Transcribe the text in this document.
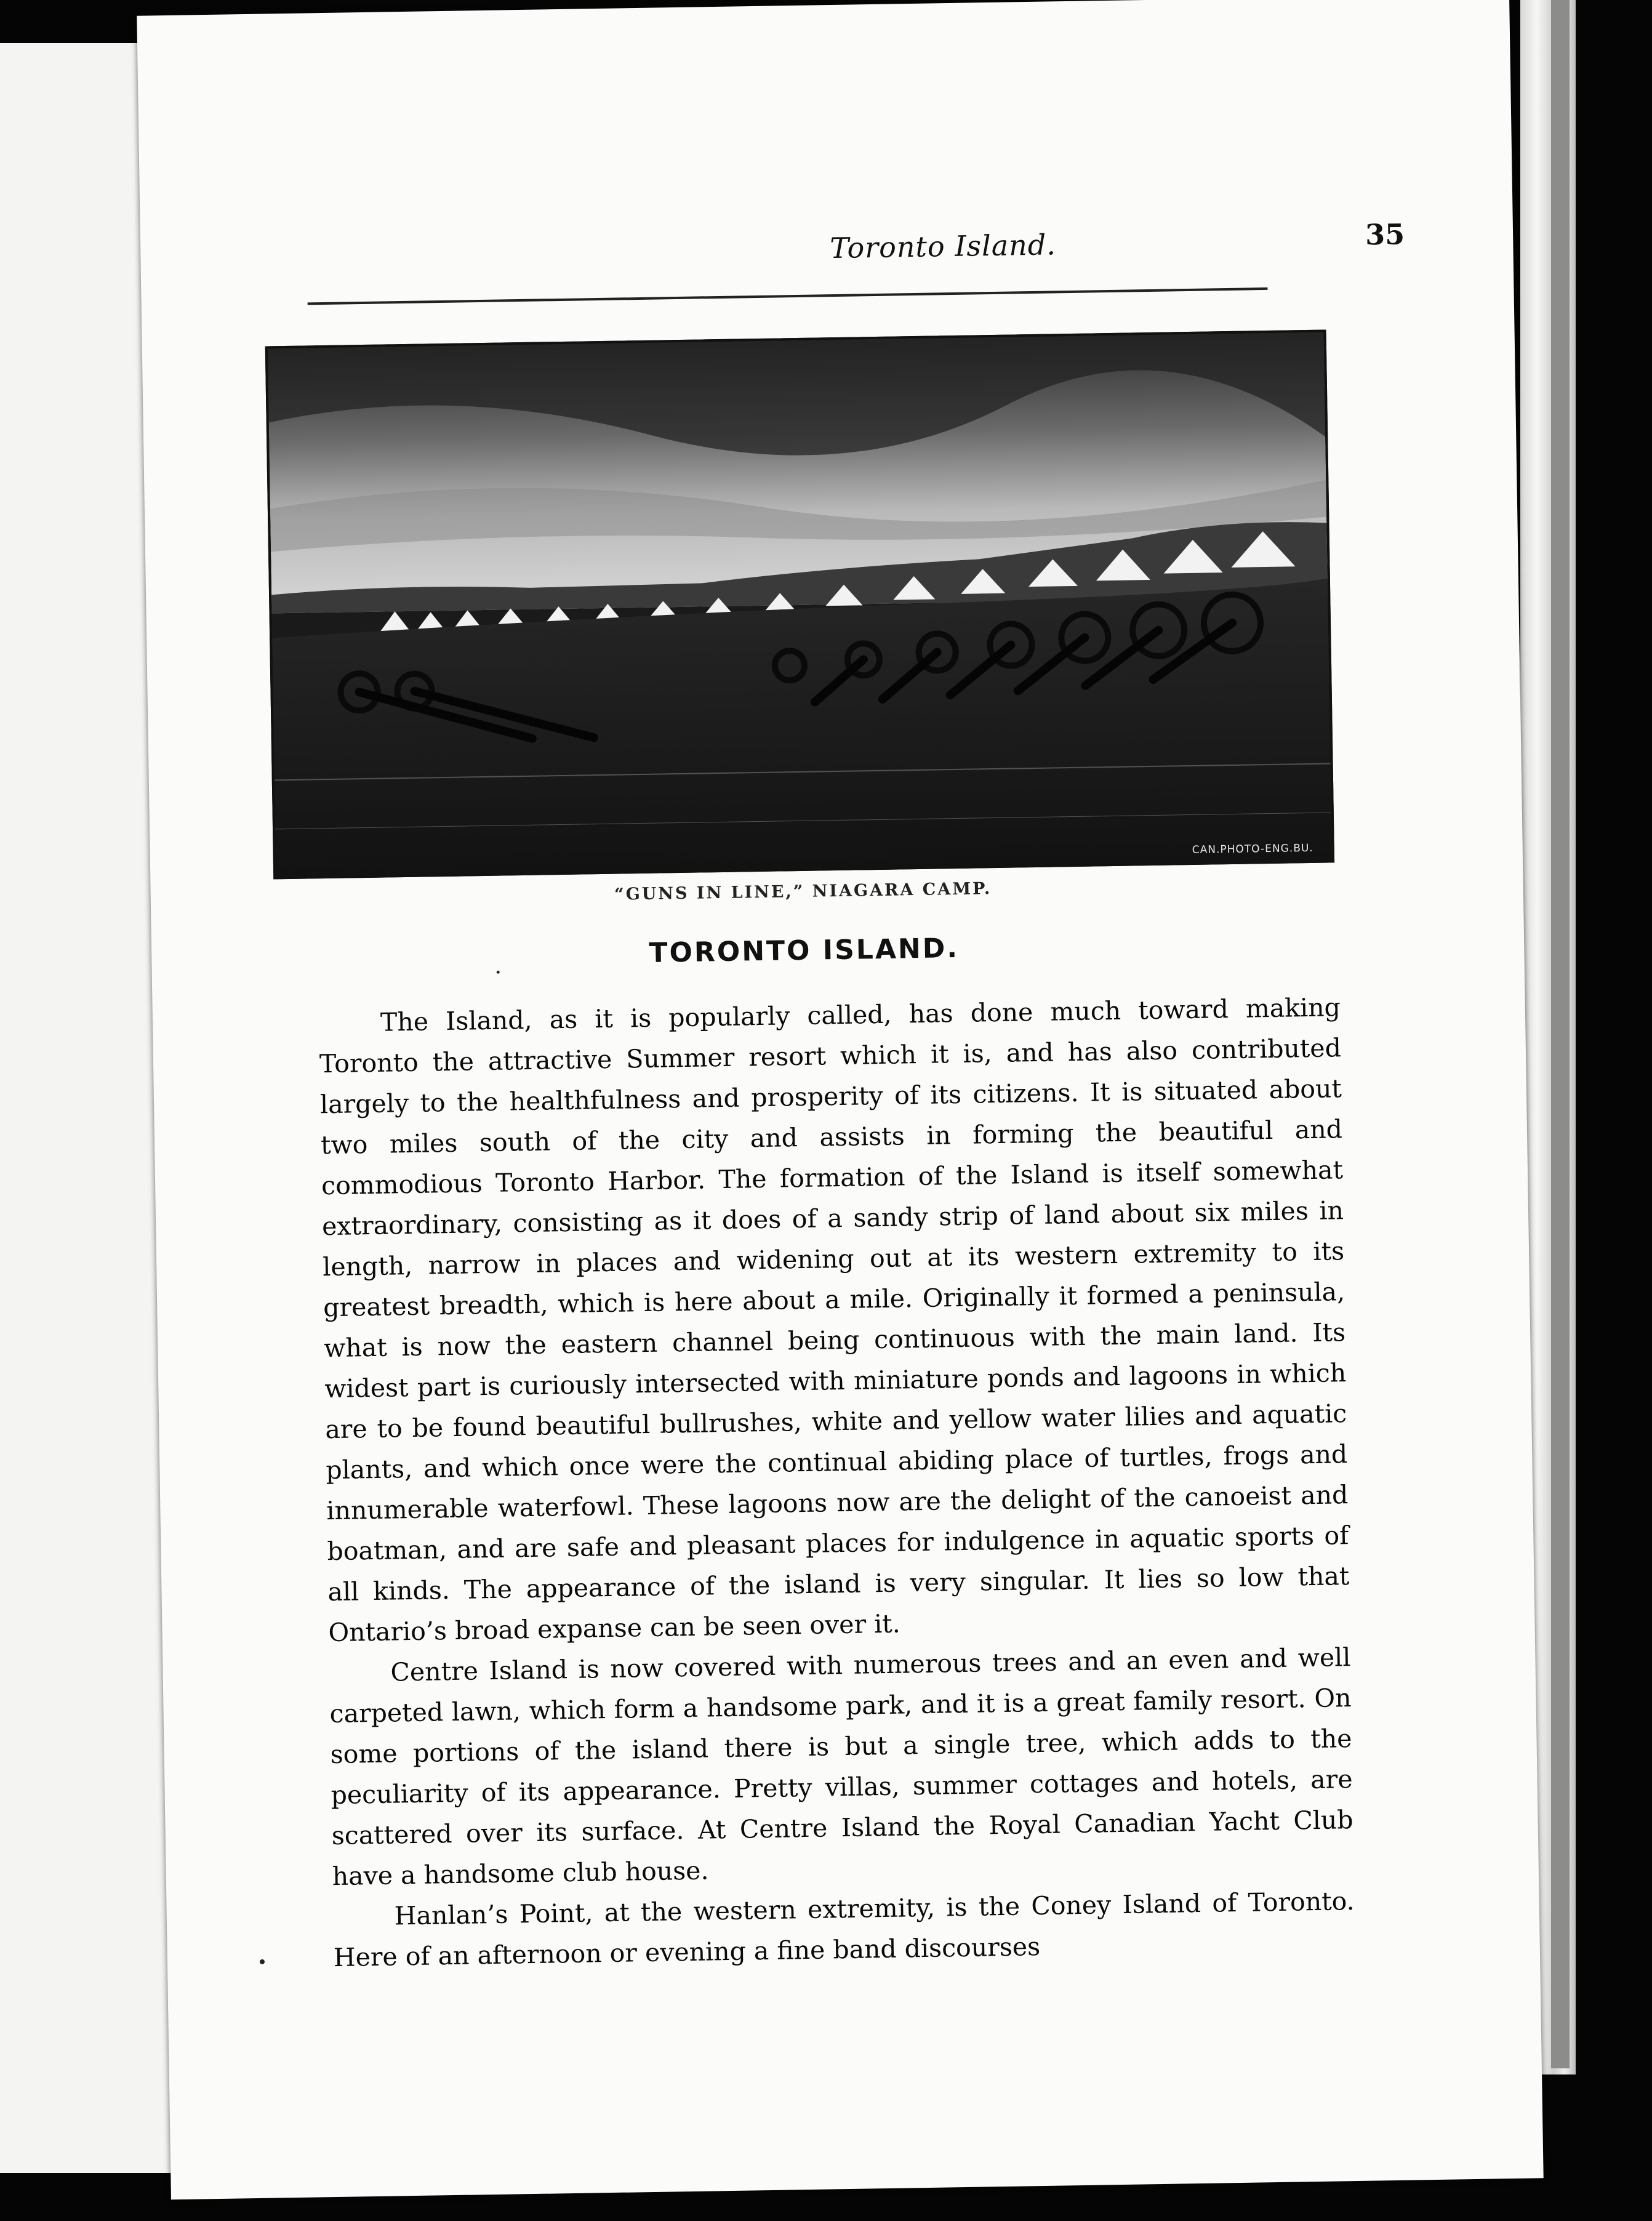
Toronto Island.	35
CAN.PHOTO-ENG.BU.
“GUNS IN LINE,” NIAGARA CAMP.
TORONTO ISLAND.

The Island, as it is popularly called, has done much toward making Toronto the attractive Summer resort which it is, and has also contributed largely to the healthfulness and prosperity of its citizens. It is situated about two miles south of the city and assists in forming the beautiful and commodious Toronto Harbor. The formation of the Island is itself somewhat extraordinary, consisting as it does of a sandy strip of land about six miles in length, narrow in places and widening out at its western extremity to its greatest breadth, which is here about a mile. Originally it formed a peninsula, what is now the eastern channel being continuous with the main land. Its widest part is curiously intersected with miniature ponds and lagoons in which are to be found beautiful bullrushes, white and yellow water lilies and aquatic plants, and which once were the continual abiding place of turtles, frogs and innumerable waterfowl. These lagoons now are the delight of the canoeist and boatman, and are safe and pleasant places for indulgence in aquatic sports of all kinds. The appearance of the island is very singular. It lies so low that Ontario’s broad expanse can be seen over it.

Centre Island is now covered with numerous trees and an even and well carpeted lawn, which form a handsome park, and it is a great family resort. On some portions of the island there is but a single tree, which adds to the peculiarity of its appearance. Pretty villas, summer cottages and hotels, are scattered over its surface. At Centre Island the Royal Canadian Yacht Club have a handsome club house.

Hanlan’s Point, at the western extremity, is the Coney Island of Toronto. Here of an afternoon or evening a fine band discourses
